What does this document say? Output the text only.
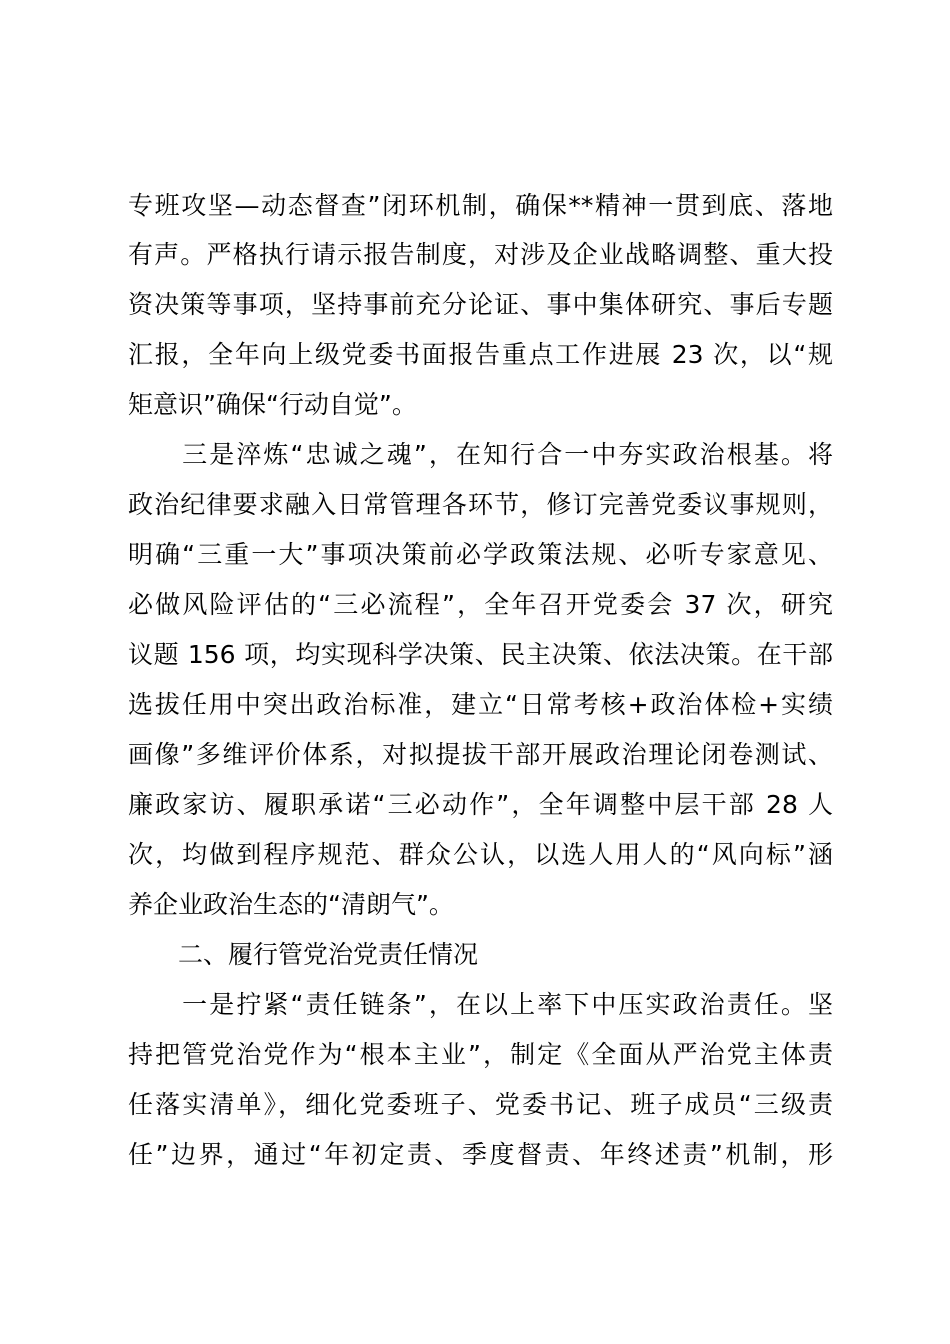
专班攻坚—动态督查”闭环机制，确保**精神一贯到底、落地
有声。严格执行请示报告制度，对涉及企业战略调整、重大投
资决策等事项，坚持事前充分论证、事中集体研究、事后专题
汇报，全年向上级党委书面报告重点工作进展 23 次，以“规
矩意识”确保“行动自觉”。
　　三是淬炼“忠诚之魂”，在知行合一中夯实政治根基。将
政治纪律要求融入日常管理各环节，修订完善党委议事规则，
明确“三重一大”事项决策前必学政策法规、必听专家意见、
必做风险评估的“三必流程”，全年召开党委会 37 次，研究
议题 156 项，均实现科学决策、民主决策、依法决策。在干部
选拔任用中突出政治标准，建立“日常考核+政治体检+实绩
画像”多维评价体系，对拟提拔干部开展政治理论闭卷测试、
廉政家访、履职承诺“三必动作”，全年调整中层干部 28 人
次，均做到程序规范、群众公认，以选人用人的“风向标”涵
养企业政治生态的“清朗气”。
　　二、履行管党治党责任情况
　　一是拧紧“责任链条”，在以上率下中压实政治责任。坚
持把管党治党作为“根本主业”，制定《全面从严治党主体责
任落实清单》，细化党委班子、党委书记、班子成员“三级责
任”边界，通过“年初定责、季度督责、年终述责”机制，形
